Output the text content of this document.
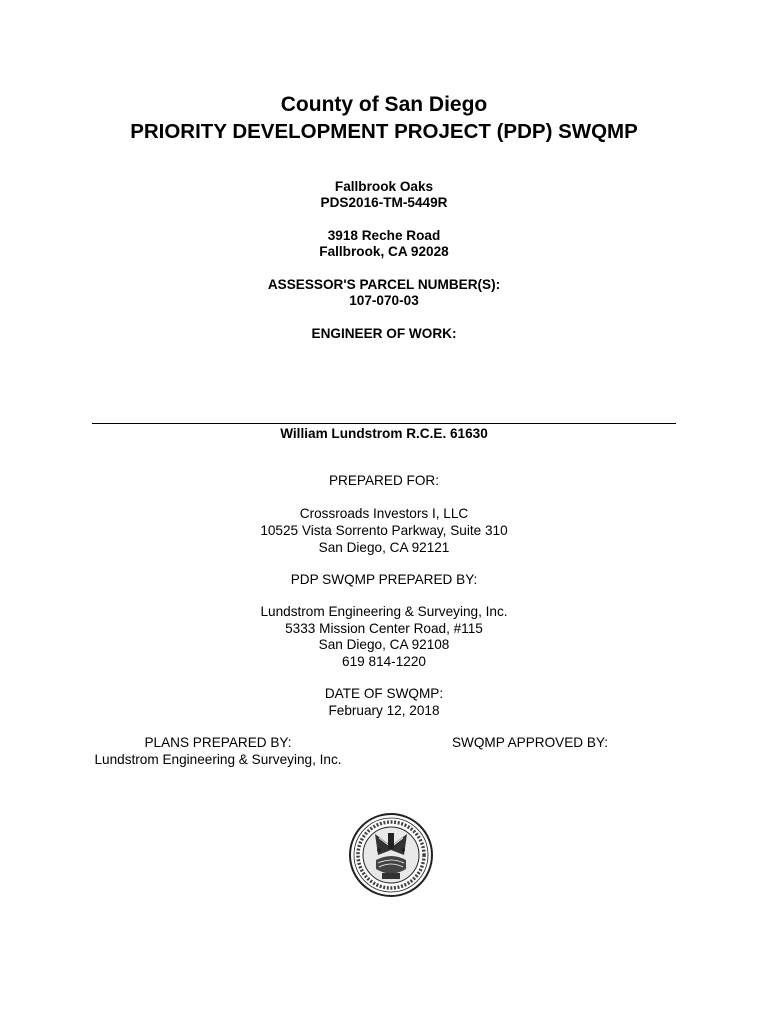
County of San Diego
PRIORITY DEVELOPMENT PROJECT (PDP) SWQMP
Fallbrook Oaks
PDS2016-TM-5449R
3918 Reche Road
Fallbrook, CA 92028
ASSESSOR'S PARCEL NUMBER(S):
107-070-03
ENGINEER OF WORK:
William Lundstrom R.C.E. 61630
PREPARED FOR:
Crossroads Investors I, LLC
10525 Vista Sorrento Parkway, Suite 310
San Diego, CA 92121
PDP SWQMP PREPARED BY:
Lundstrom Engineering & Surveying, Inc.
5333 Mission Center Road, #115
San Diego, CA 92108
619 814-1220
DATE OF SWQMP:
February 12, 2018
PLANS PREPARED BY:
Lundstrom Engineering & Surveying, Inc.
SWQMP APPROVED BY:
